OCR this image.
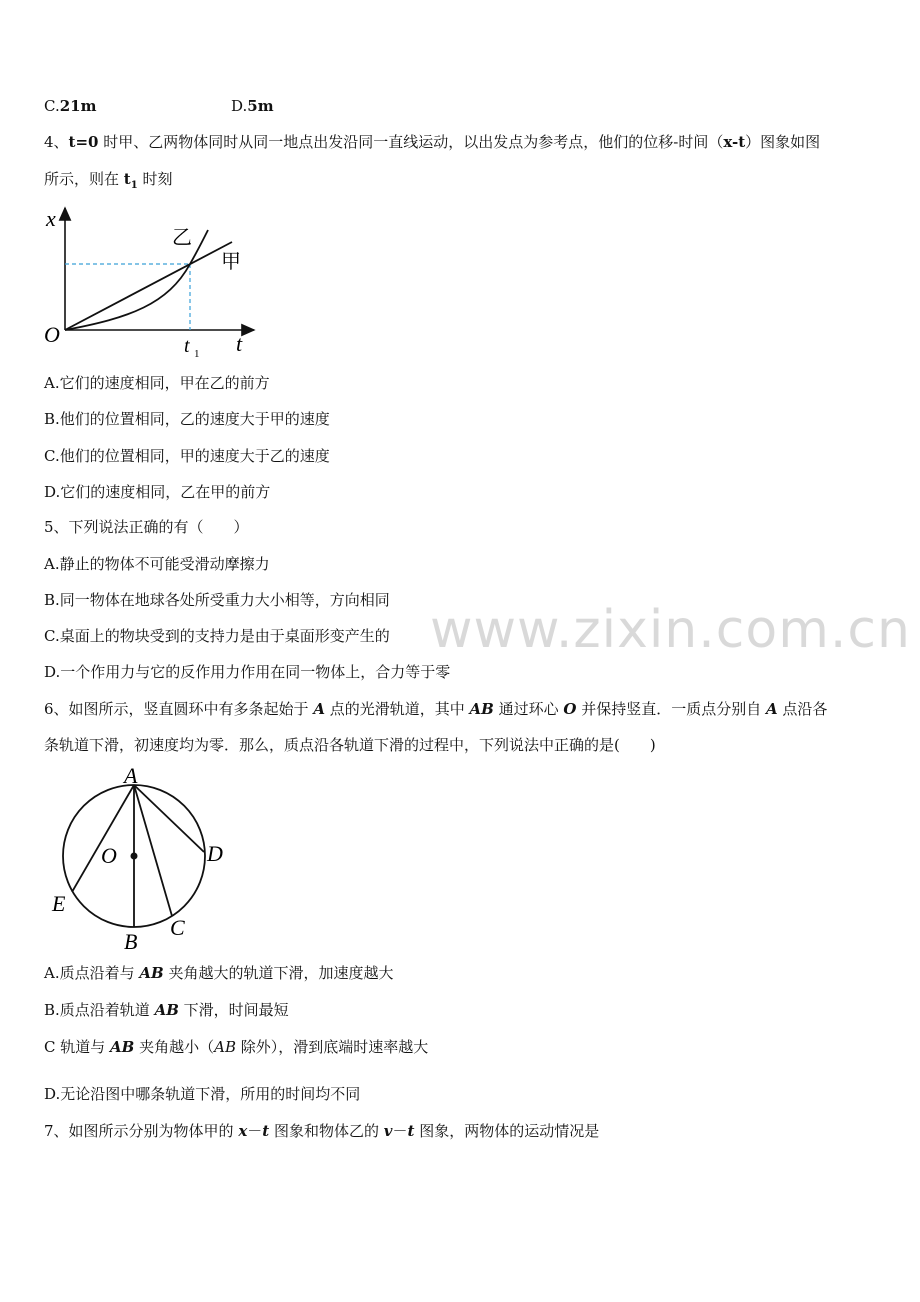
C.21m	D.5m
4、t=0 时甲、乙两物体同时从同一地点出发沿同一直线运动，以出发点为参考点，他们的位移-时间（x-t）图象如图
所示，则在 $t_1$ 时刻
x
O	t
t 1
乙
甲
A.它们的速度相同，甲在乙的前方
B.他们的位置相同，乙的速度大于甲的速度
C.他们的位置相同，甲的速度大于乙的速度
D.它们的速度相同，乙在甲的前方
5、下列说法正确的有（　　）
A.静止的物体不可能受滑动摩擦力
B.同一物体在地球各处所受重力大小相等，方向相同
C.桌面上的物块受到的支持力是由于桌面形变产生的
D.一个作用力与它的反作用力作用在同一物体上，合力等于零
www.zixin.com.cn
6、如图所示，竖直圆环中有多条起始于 A 点的光滑轨道，其中 AB 通过环心 O 并保持竖直．一质点分别自 A 点沿各
条轨道下滑，初速度均为零．那么，质点沿各轨道下滑的过程中，下列说法中正确的是(　　)
A
B
C
D
E
O
A.质点沿着与 AB 夹角越大的轨道下滑，加速度越大
B.质点沿着轨道 AB 下滑，时间最短
C 轨道与 AB 夹角越小（AB 除外），滑到底端时速率越大
D.无论沿图中哪条轨道下滑，所用的时间均不同
7、如图所示分别为物体甲的 x－t 图象和物体乙的 v－t 图象，两物体的运动情况是
